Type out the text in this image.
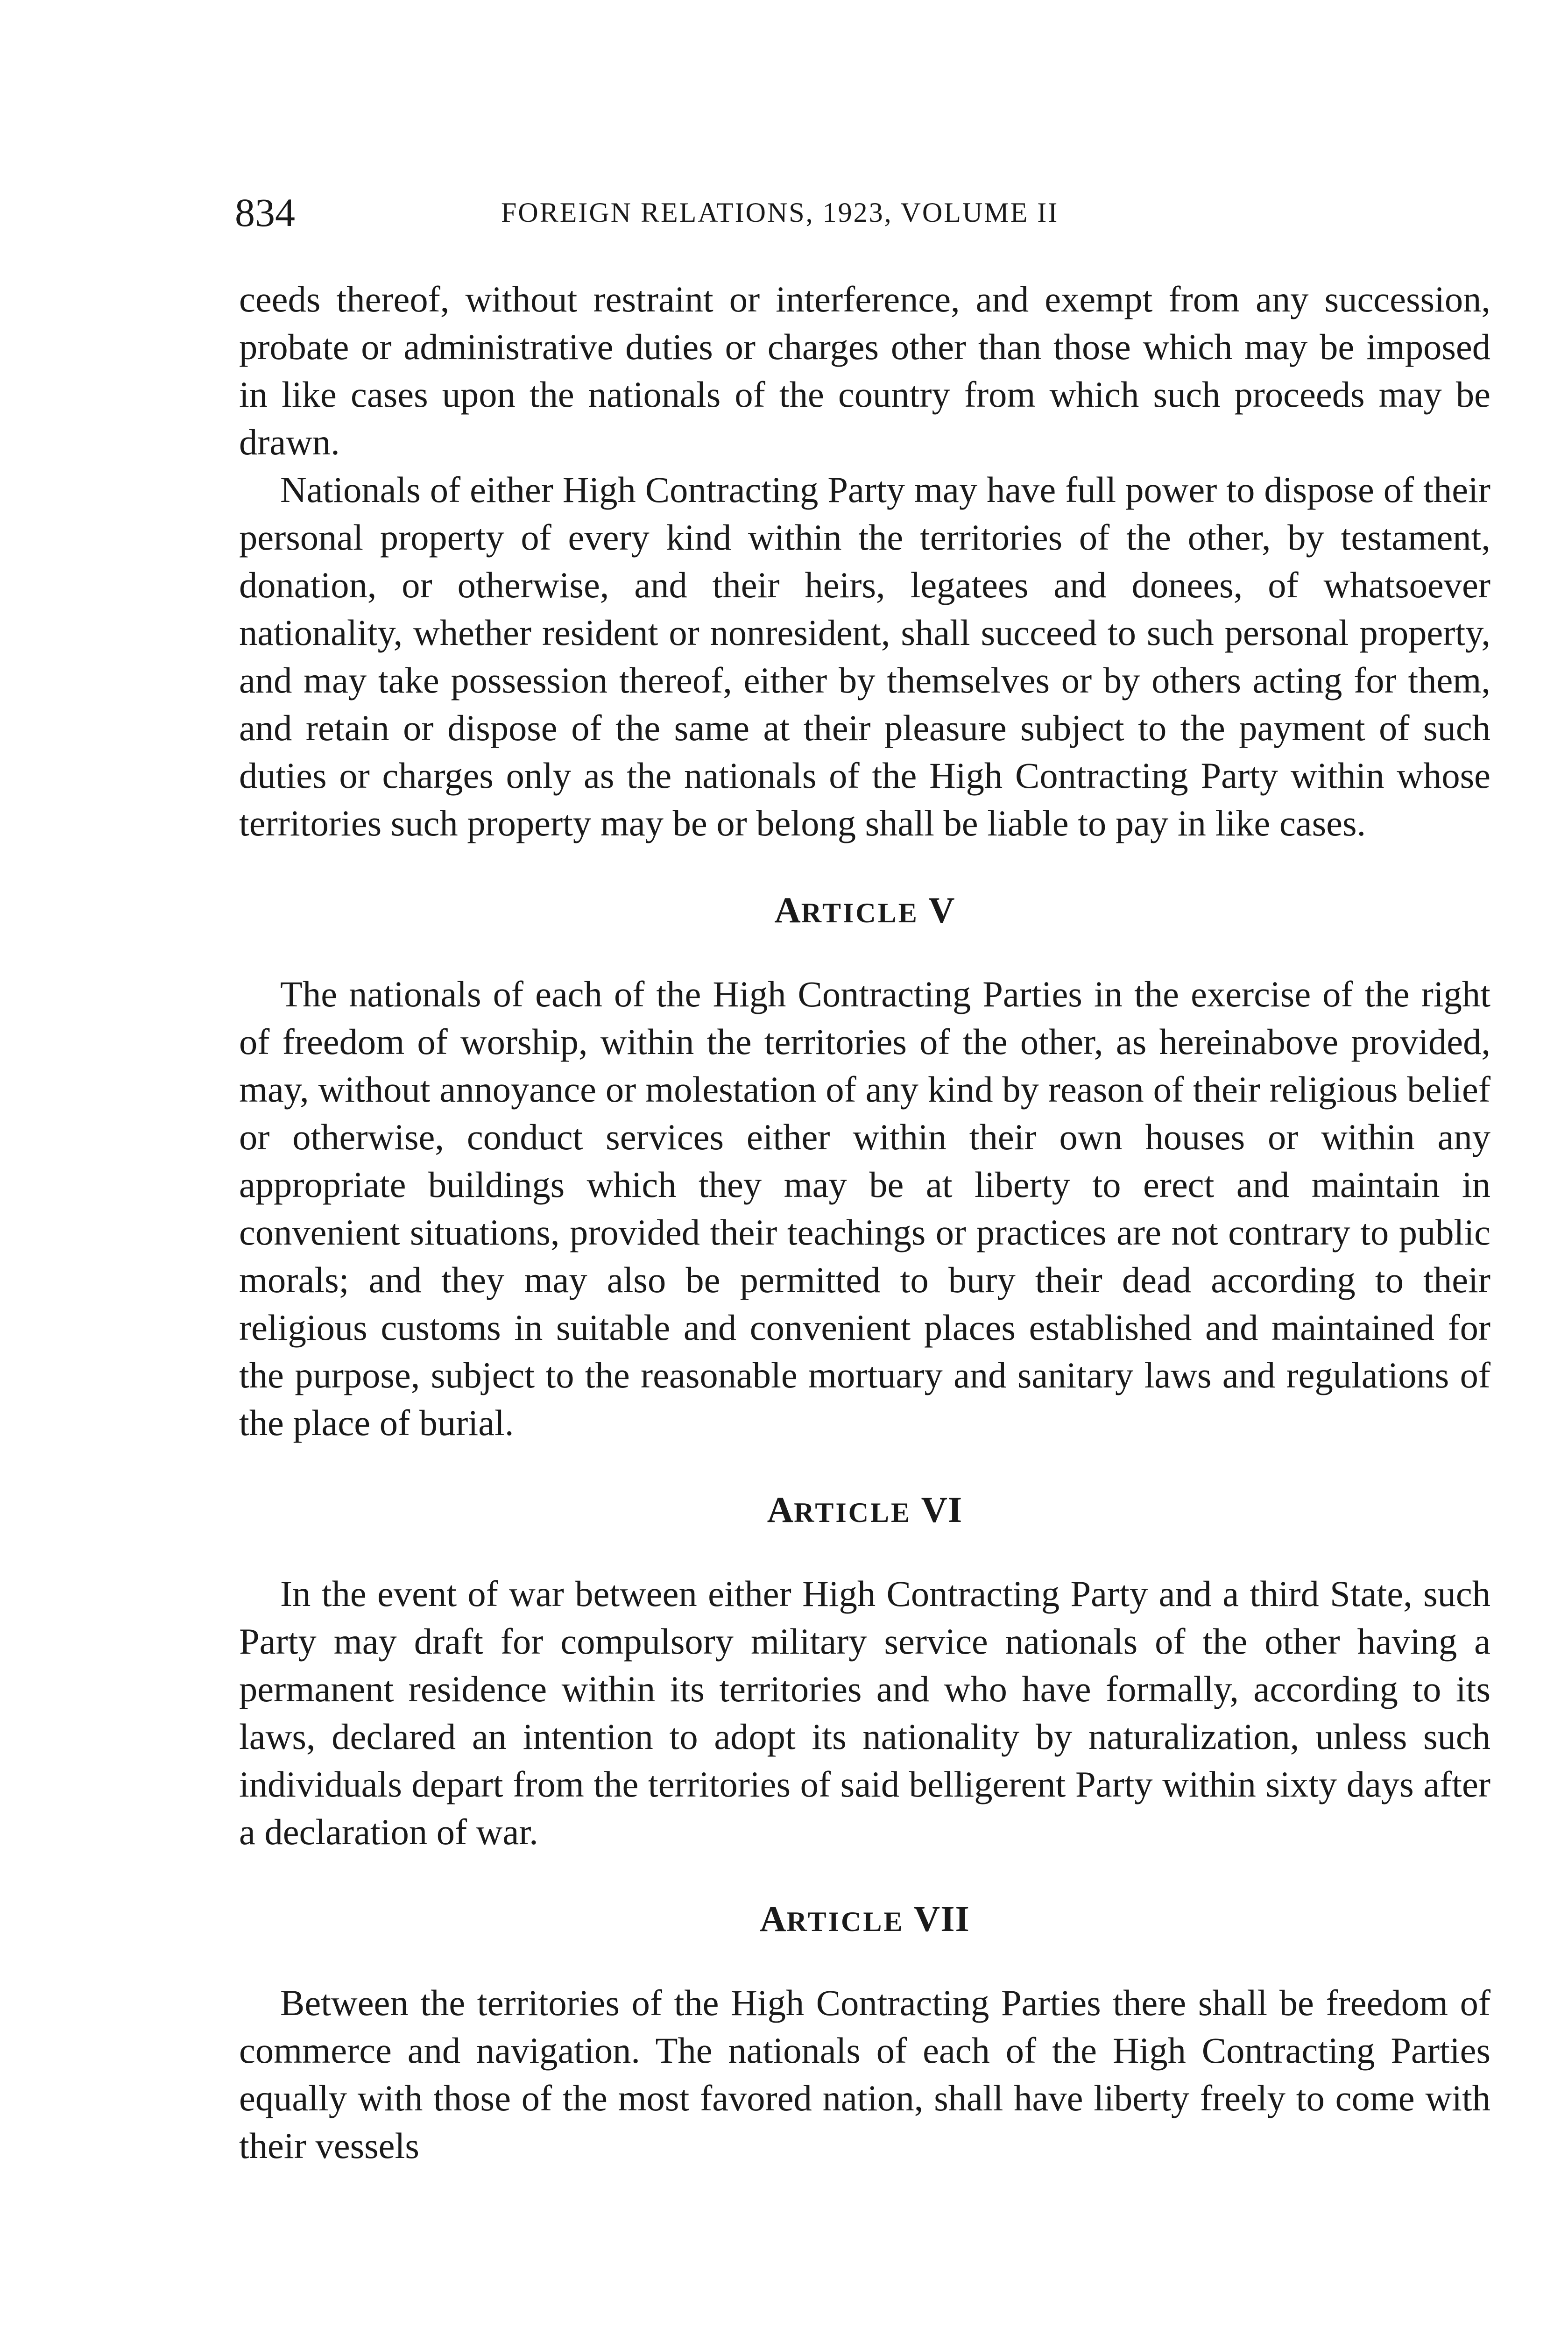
834	FOREIGN RELATIONS, 1923, VOLUME II

ceeds thereof, without restraint or interference, and exempt from any succession, probate or administrative duties or charges other than those which may be imposed in like cases upon the nationals of the country from which such proceeds may be drawn.

Nationals of either High Contracting Party may have full power to dispose of their personal property of every kind within the territories of the other, by testament, donation, or otherwise, and their heirs, legatees and donees, of whatsoever nationality, whether resident or nonresident, shall succeed to such personal property, and may take possession thereof, either by themselves or by others acting for them, and retain or dispose of the same at their pleasure subject to the payment of such duties or charges only as the nationals of the High Contracting Party within whose territories such property may be or belong shall be liable to pay in like cases.

ARTICLE V

The nationals of each of the High Contracting Parties in the exercise of the right of freedom of worship, within the territories of the other, as hereinabove provided, may, without annoyance or molestation of any kind by reason of their religious belief or otherwise, conduct services either within their own houses or within any appropriate buildings which they may be at liberty to erect and maintain in convenient situations, provided their teachings or practices are not contrary to public morals; and they may also be permitted to bury their dead according to their religious customs in suitable and convenient places established and maintained for the purpose, subject to the reasonable mortuary and sanitary laws and regulations of the place of burial.

ARTICLE VI

In the event of war between either High Contracting Party and a third State, such Party may draft for compulsory military service nationals of the other having a permanent residence within its territories and who have formally, according to its laws, declared an intention to adopt its nationality by naturalization, unless such individuals depart from the territories of said belligerent Party within sixty days after a declaration of war.

ARTICLE VII

Between the territories of the High Contracting Parties there shall be freedom of commerce and navigation. The nationals of each of the High Contracting Parties equally with those of the most favored nation, shall have liberty freely to come with their vessels
